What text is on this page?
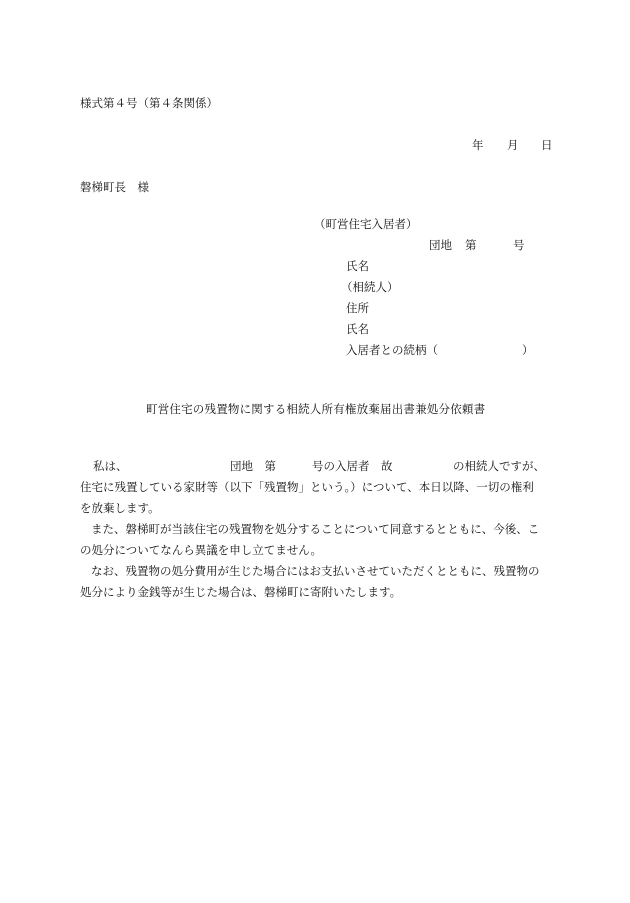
様式第４号（第４条関係）
年 月 日
磐梯町長　様
（町営住宅入居者）
団地 第	号
氏名
（相続人）
住所
氏名
入居者との続柄（	）
町営住宅の残置物に関する相続人所有権放棄届出書兼処分依頼書
私は、	団地　第	号の入居者　故	の相続人ですが、
住宅に残置している家財等（以下「残置物」という。）について、本日以降、一切の権利
を放棄します。
また、磐梯町が当該住宅の残置物を処分することについて同意するとともに、今後、こ
の処分についてなんら異議を申し立てません。
なお、残置物の処分費用が生じた場合にはお支払いさせていただくとともに、残置物の
処分により金銭等が生じた場合は、磐梯町に寄附いたします。
